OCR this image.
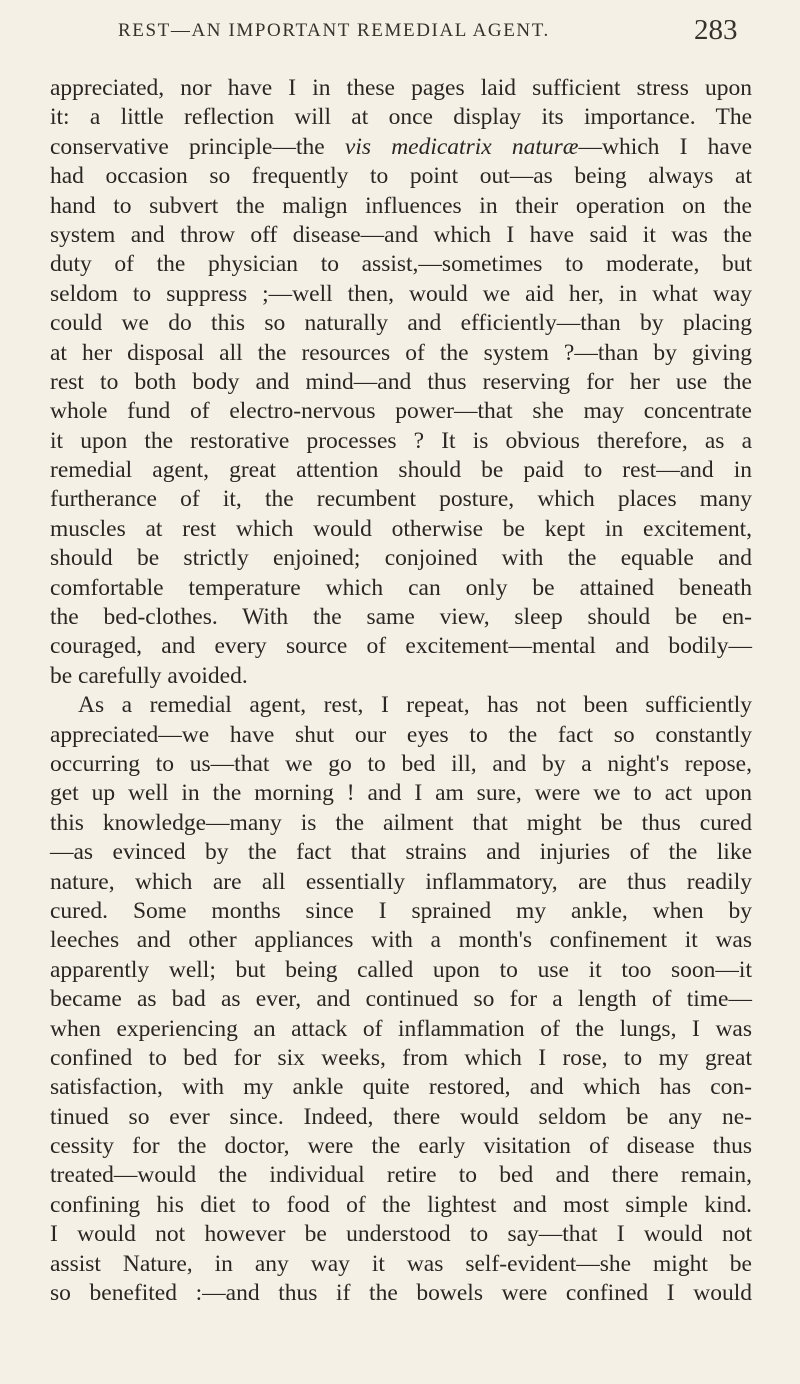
REST—AN IMPORTANT REMEDIAL AGENT.	283
appreciated, nor have I in these pages laid sufficient stress upon
it: a little reflection will at once display its importance. The
conservative principle—the vis medicatrix naturæ—which I have
had occasion so frequently to point out—as being always at
hand to subvert the malign influences in their operation on the
system and throw off disease—and which I have said it was the
duty of the physician to assist,—sometimes to moderate, but
seldom to suppress ;—well then, would we aid her, in what way
could we do this so naturally and efficiently—than by placing
at her disposal all the resources of the system ?—than by giving
rest to both body and mind—and thus reserving for her use the
whole fund of electro-nervous power—that she may concentrate
it upon the restorative processes ? It is obvious therefore, as a
remedial agent, great attention should be paid to rest—and in
furtherance of it, the recumbent posture, which places many
muscles at rest which would otherwise be kept in excitement,
should be strictly enjoined; conjoined with the equable and
comfortable temperature which can only be attained beneath
the bed-clothes. With the same view, sleep should be en-
couraged, and every source of excitement—mental and bodily—
be carefully avoided.
As a remedial agent, rest, I repeat, has not been sufficiently
appreciated—we have shut our eyes to the fact so constantly
occurring to us—that we go to bed ill, and by a night's repose,
get up well in the morning ! and I am sure, were we to act upon
this knowledge—many is the ailment that might be thus cured
—as evinced by the fact that strains and injuries of the like
nature, which are all essentially inflammatory, are thus readily
cured. Some months since I sprained my ankle, when by
leeches and other appliances with a month's confinement it was
apparently well; but being called upon to use it too soon—it
became as bad as ever, and continued so for a length of time—
when experiencing an attack of inflammation of the lungs, I was
confined to bed for six weeks, from which I rose, to my great
satisfaction, with my ankle quite restored, and which has con-
tinued so ever since. Indeed, there would seldom be any ne-
cessity for the doctor, were the early visitation of disease thus
treated—would the individual retire to bed and there remain,
confining his diet to food of the lightest and most simple kind.
I would not however be understood to say—that I would not
assist Nature, in any way it was self-evident—she might be
so benefited :—and thus if the bowels were confined I would
